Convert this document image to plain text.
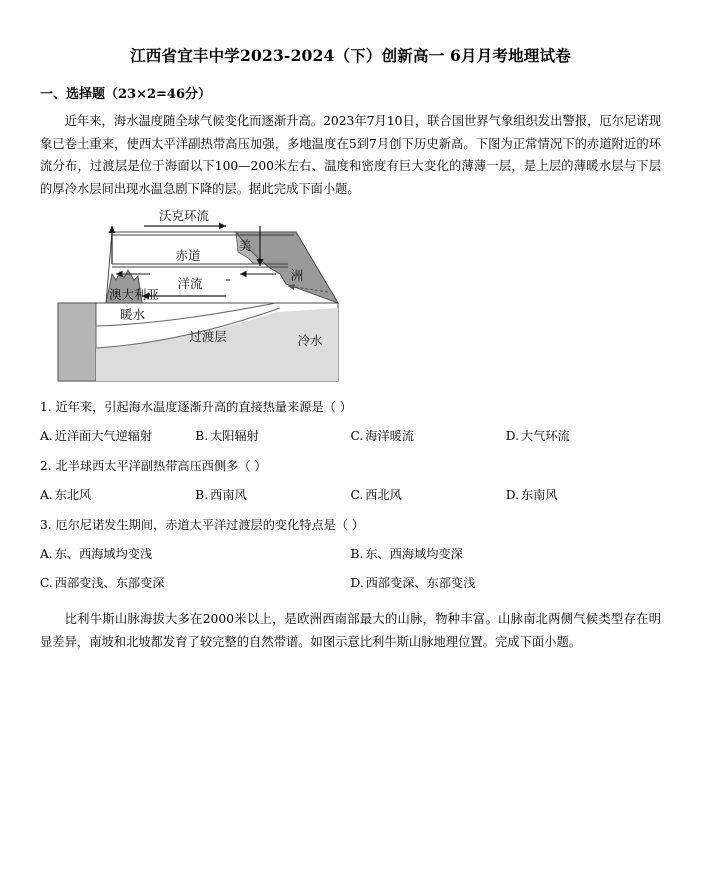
江西省宜丰中学2023-2024（下）创新高一 6月月考地理试卷
一、选择题（23×2=46分）

近年来，海水温度随全球气候变化而逐渐升高。2023年7月10日，联合国世界气象组织发出警报，厄尔尼诺现象已卷土重来，使西太平洋副热带高压加强，多地温度在5到7月创下历史新高。下图为正常情况下的赤道附近的环流分布，过渡层是位于海面以下100—200米左右、温度和密度有巨大变化的薄薄一层，是上层的薄暖水层与下层的厚冷水层间出现水温急剧下降的层。据此完成下面小题。

沃克环流
赤道
美
洲
洋流
澳大利亚
暖水
过渡层	冷水

1. 近年来，引起海水温度逐渐升高的直接热量来源是（ ）

A. 近洋面大气逆辐射	B. 太阳辐射	C. 海洋暖流	D. 大气环流

2. 北半球西太平洋副热带高压西侧多（ ）

A. 东北风	B. 西南风	C. 西北风	D. 东南风

3. 厄尔尼诺发生期间，赤道太平洋过渡层的变化特点是（ ）

A. 东、西海域均变浅	B. 东、西海域均变深
C. 西部变浅、东部变深	D. 西部变深、东部变浅

比利牛斯山脉海拔大多在2000米以上，是欧洲西南部最大的山脉，物种丰富。山脉南北两侧气候类型存在明显差异，南坡和北坡都发育了较完整的自然带谱。如图示意比利牛斯山脉地理位置。完成下面小题。
